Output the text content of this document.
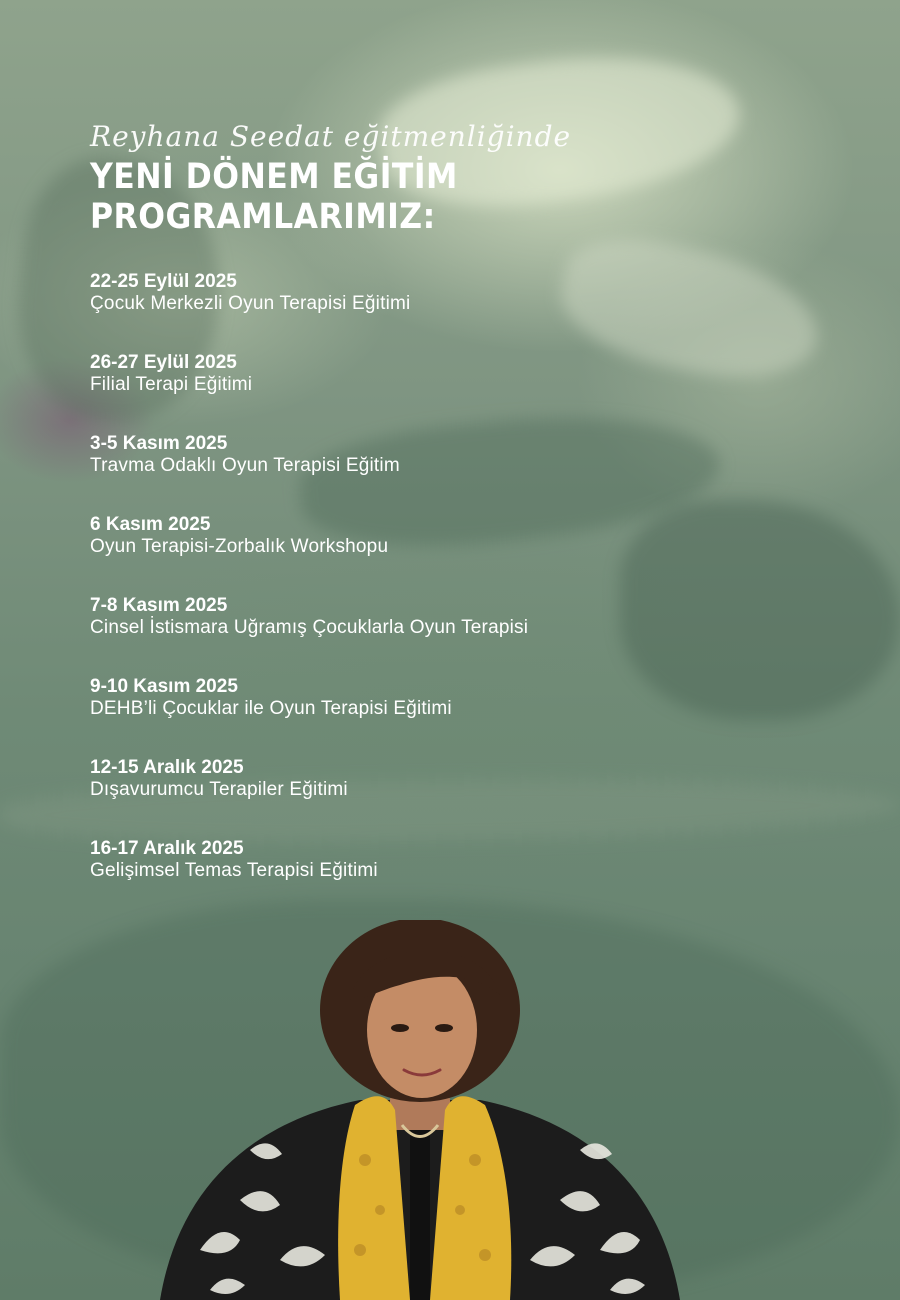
Reyhana Seedat eğitmenliğinde
YENİ DÖNEM EĞİTİM PROGRAMLARIMIZ:
22-25 Eylül 2025
Çocuk Merkezli Oyun Terapisi Eğitimi
26-27 Eylül 2025
Filial Terapi Eğitimi
3-5 Kasım 2025
Travma Odaklı Oyun Terapisi Eğitim
6 Kasım 2025
Oyun Terapisi-Zorbalık Workshopu
7-8 Kasım 2025
Cinsel İstismara Uğramış Çocuklarla Oyun Terapisi
9-10 Kasım 2025
DEHB’li Çocuklar ile Oyun Terapisi Eğitimi
12-15 Aralık 2025
Dışavurumcu Terapiler Eğitimi
16-17 Aralık 2025
Gelişimsel Temas Terapisi Eğitimi
